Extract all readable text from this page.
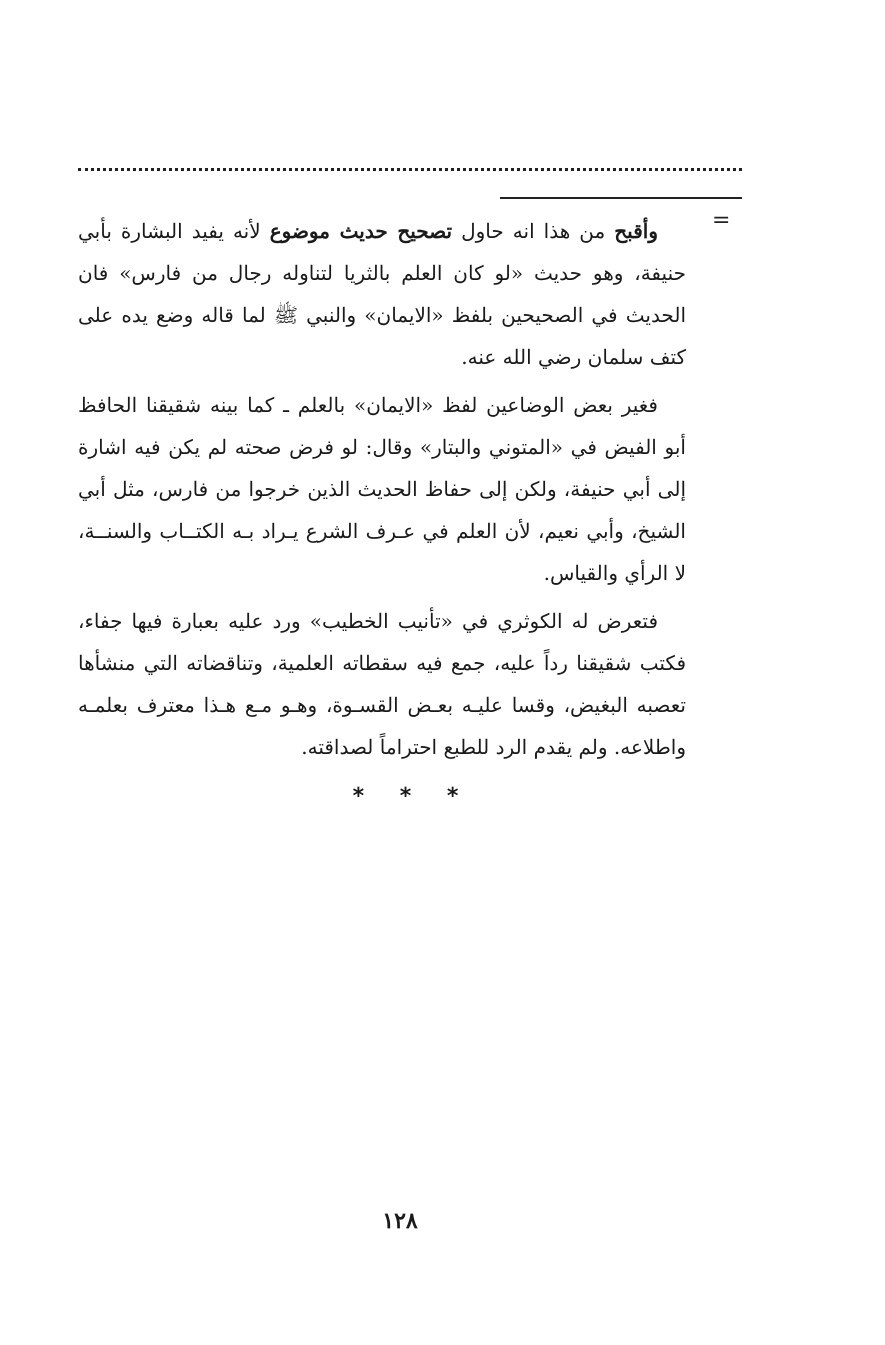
=

وأقبح من هذا انه حاول تصحيح حديث موضوع لأنه يفيد البشارة بأبي حنيفة، وهو حديث «لو كان العلم بالثريا لتناوله رجال من فارس» فان الحديث في الصحيحين بلفظ «الايمان» والنبي ﷺ لما قاله وضع يده على كتف سلمان رضي الله عنه.

فغير بعض الوضاعين لفظ «الايمان» بالعلم ـ كما بينه شقيقنا الحافظ أبو الفيض في «المتوني والبتار» وقال: لو فرض صحته لم يكن فيه اشارة إلى أبي حنيفة، ولكن إلى حفاظ الحديث الذين خرجوا من فارس، مثل أبي الشيخ، وأبي نعيم، لأن العلم في عـرف الشرع يـراد بـه الكتــاب والسنــة، لا الرأي والقياس.

فتعرض له الكوثري في «تأنيب الخطيب» ورد عليه بعبارة فيها جفاء، فكتب شقيقنا رداً عليه، جمع فيه سقطاته العلمية، وتناقضاته التي منشأها تعصبه البغيض، وقسا عليـه بعـض القسـوة، وهـو مـع هـذا معترف بعلمـه واطلاعه. ولم يقدم الرد للطبع احتراماً لصداقته.

* * *
١٢٨
